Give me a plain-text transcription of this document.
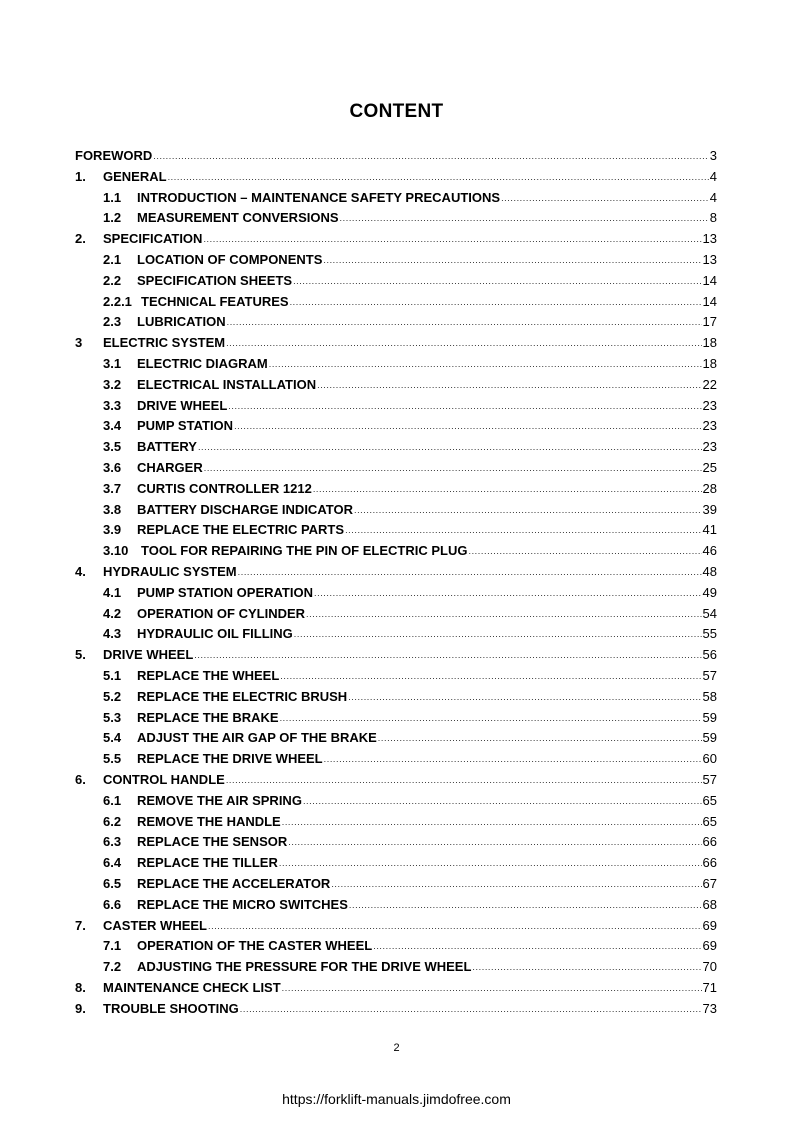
CONTENT
FOREWORD .....	3
1.	GENERAL .....	4
1.1	INTRODUCTION – MAINTENANCE SAFETY PRECAUTIONS .....	4
1.2	MEASUREMENT CONVERSIONS .....	8
2.	SPECIFICATION .....	13
2.1	LOCATION OF COMPONENTS .....	13
2.2	SPECIFICATION SHEETS .....	14
2.2.1 TECHNICAL FEATURES .....	14
2.3	LUBRICATION .....	17
3	ELECTRIC SYSTEM .....	18
3.1	ELECTRIC DIAGRAM .....	18
3.2	ELECTRICAL INSTALLATION .....	22
3.3	DRIVE WHEEL .....	23
3.4	PUMP STATION .....	23
3.5	BATTERY .....	23
3.6	CHARGER .....	25
3.7	CURTIS CONTROLLER 1212 .....	28
3.8	BATTERY DISCHARGE INDICATOR .....	39
3.9	REPLACE THE ELECTRIC PARTS .....	41
3.10 TOOL FOR REPAIRING THE PIN OF ELECTRIC PLUG .....	46
4.	HYDRAULIC SYSTEM .....	48
4.1	PUMP STATION OPERATION .....	49
4.2	OPERATION OF CYLINDER .....	54
4.3	HYDRAULIC OIL FILLING .....	55
5.	DRIVE WHEEL .....	56
5.1	REPLACE THE WHEEL .....	57
5.2	REPLACE THE ELECTRIC BRUSH .....	58
5.3	REPLACE THE BRAKE .....	59
5.4	ADJUST THE AIR GAP OF THE BRAKE .....	59
5.5	REPLACE THE DRIVE WHEEL .....	60
6.	CONTROL HANDLE .....	57
6.1	REMOVE THE AIR SPRING .....	65
6.2	REMOVE THE HANDLE .....	65
6.3	REPLACE THE SENSOR .....	66
6.4	REPLACE THE TILLER .....	66
6.5	REPLACE THE ACCELERATOR .....	67
6.6	REPLACE THE MICRO SWITCHES .....	68
7.	CASTER WHEEL .....	69
7.1	OPERATION OF THE CASTER WHEEL .....	69
7.2	ADJUSTING THE PRESSURE FOR THE DRIVE WHEEL .....	70
8.	MAINTENANCE CHECK LIST .....	71
9.	TROUBLE SHOOTING .....	73
2
https://forklift-manuals.jimdofree.com
